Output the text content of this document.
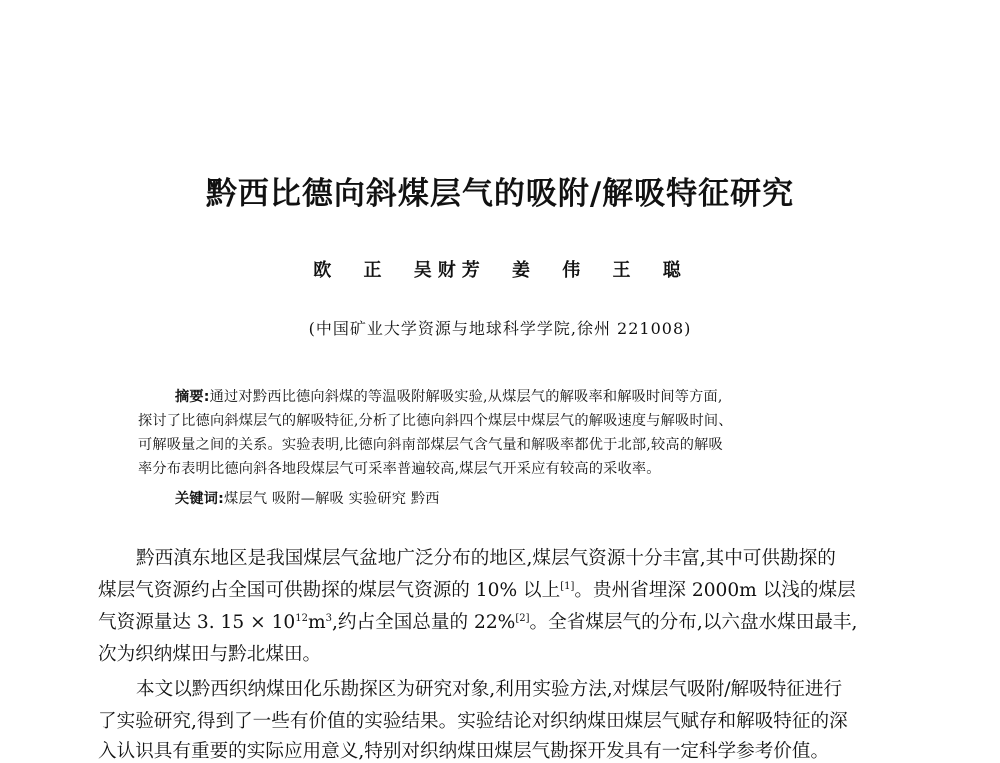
黔西比德向斜煤层气的吸附/解吸特征研究
欧 正 吴财芳 姜 伟 王 聪
(中国矿业大学资源与地球科学学院,徐州 221008)
摘要:通过对黔西比德向斜煤的等温吸附解吸实验,从煤层气的解吸率和解吸时间等方面,
探讨了比德向斜煤层气的解吸特征,分析了比德向斜四个煤层中煤层气的解吸速度与解吸时间、
可解吸量之间的关系。实验表明,比德向斜南部煤层气含气量和解吸率都优于北部,较高的解吸
率分布表明比德向斜各地段煤层气可采率普遍较高,煤层气开采应有较高的采收率。
关键词:煤层气 吸附—解吸 实验研究 黔西
黔西滇东地区是我国煤层气盆地广泛分布的地区,煤层气资源十分丰富,其中可供勘探的
煤层气资源约占全国可供勘探的煤层气资源的 10% 以上[1]。贵州省埋深 2000m 以浅的煤层
气资源量达 3. $15 \times 10^{12}m^3$,约占全国总量的 22%[2]。全省煤层气的分布,以六盘水煤田最丰,
次为织纳煤田与黔北煤田。
本文以黔西织纳煤田化乐勘探区为研究对象,利用实验方法,对煤层气吸附/解吸特征进行
了实验研究,得到了一些有价值的实验结果。实验结论对织纳煤田煤层气赋存和解吸特征的深
入认识具有重要的实际应用意义,特别对织纳煤田煤层气勘探开发具有一定科学参考价值。
